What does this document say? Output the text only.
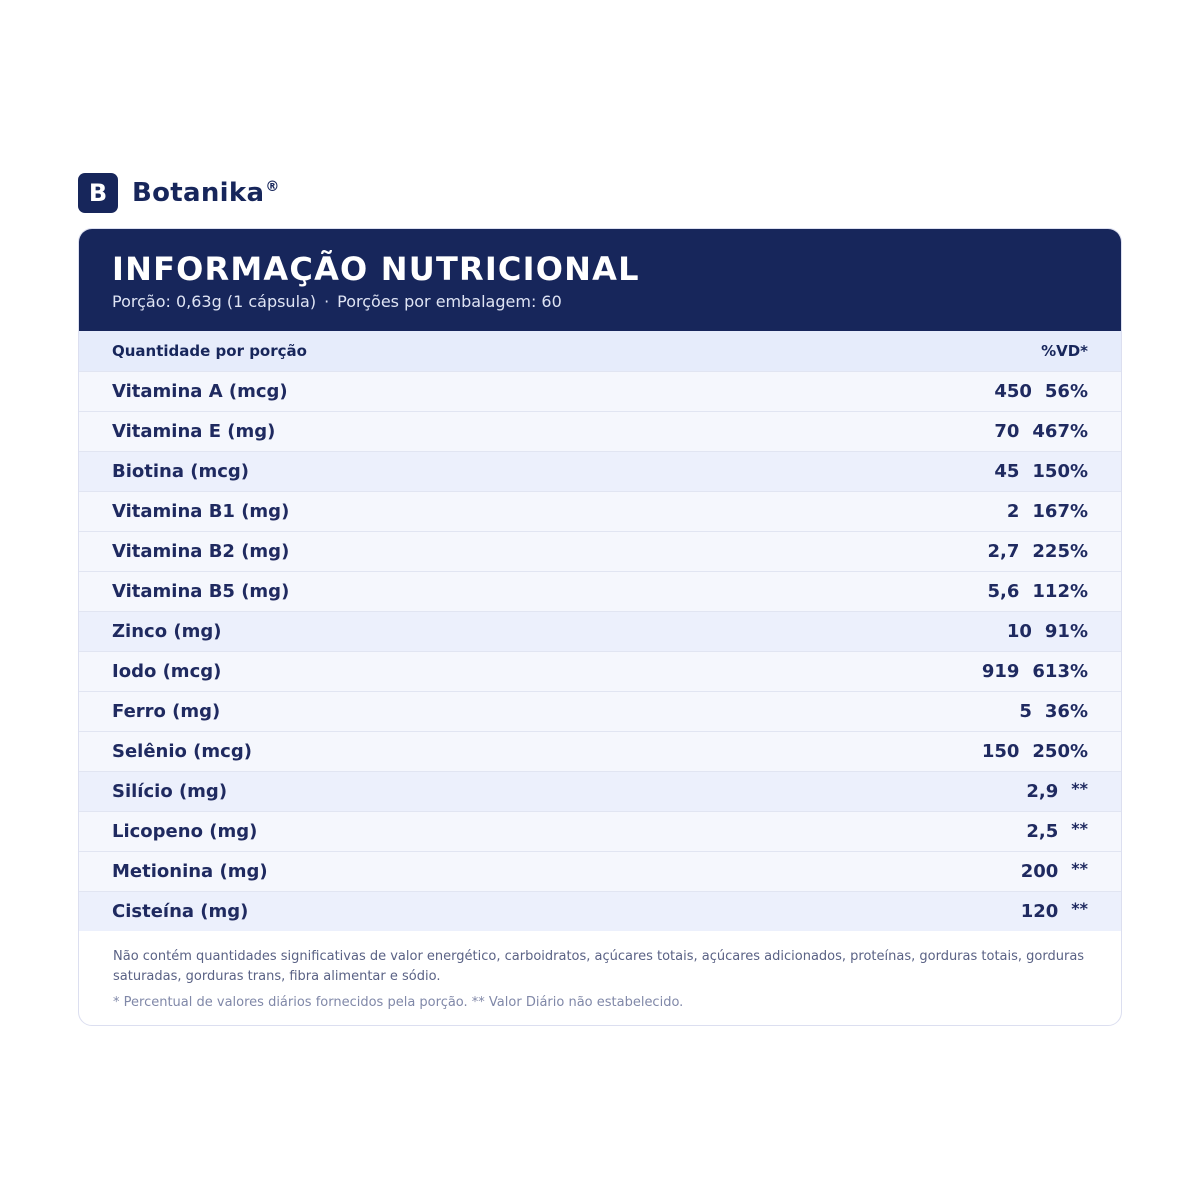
B Botanika®
INFORMAÇÃO NUTRICIONAL
Porção: 0,63g (1 cápsula) · Porções por embalagem: 60
Quantidade por porção	%VD*
Vitamina A (mcg)	450 56%
Vitamina E (mg)	70 467%
Biotina (mcg)	45 150%
Vitamina B1 (mg)	2 167%
Vitamina B2 (mg)	2,7 225%
Vitamina B5 (mg)	5,6 112%
Zinco (mg)	10 91%
Iodo (mcg)	919 613%
Ferro (mg)	5 36%
Selênio (mcg)	150 250%
Silício (mg)	2,9 **
Licopeno (mg)	2,5 **
Metionina (mg)	200 **
Cisteína (mg)	120 **
Não contém quantidades significativas de valor energético, carboidratos, açúcares totais, açúcares adicionados, proteínas, gorduras totais, gorduras saturadas, gorduras trans, fibra alimentar e sódio.
* Percentual de valores diários fornecidos pela porção. ** Valor Diário não estabelecido.
